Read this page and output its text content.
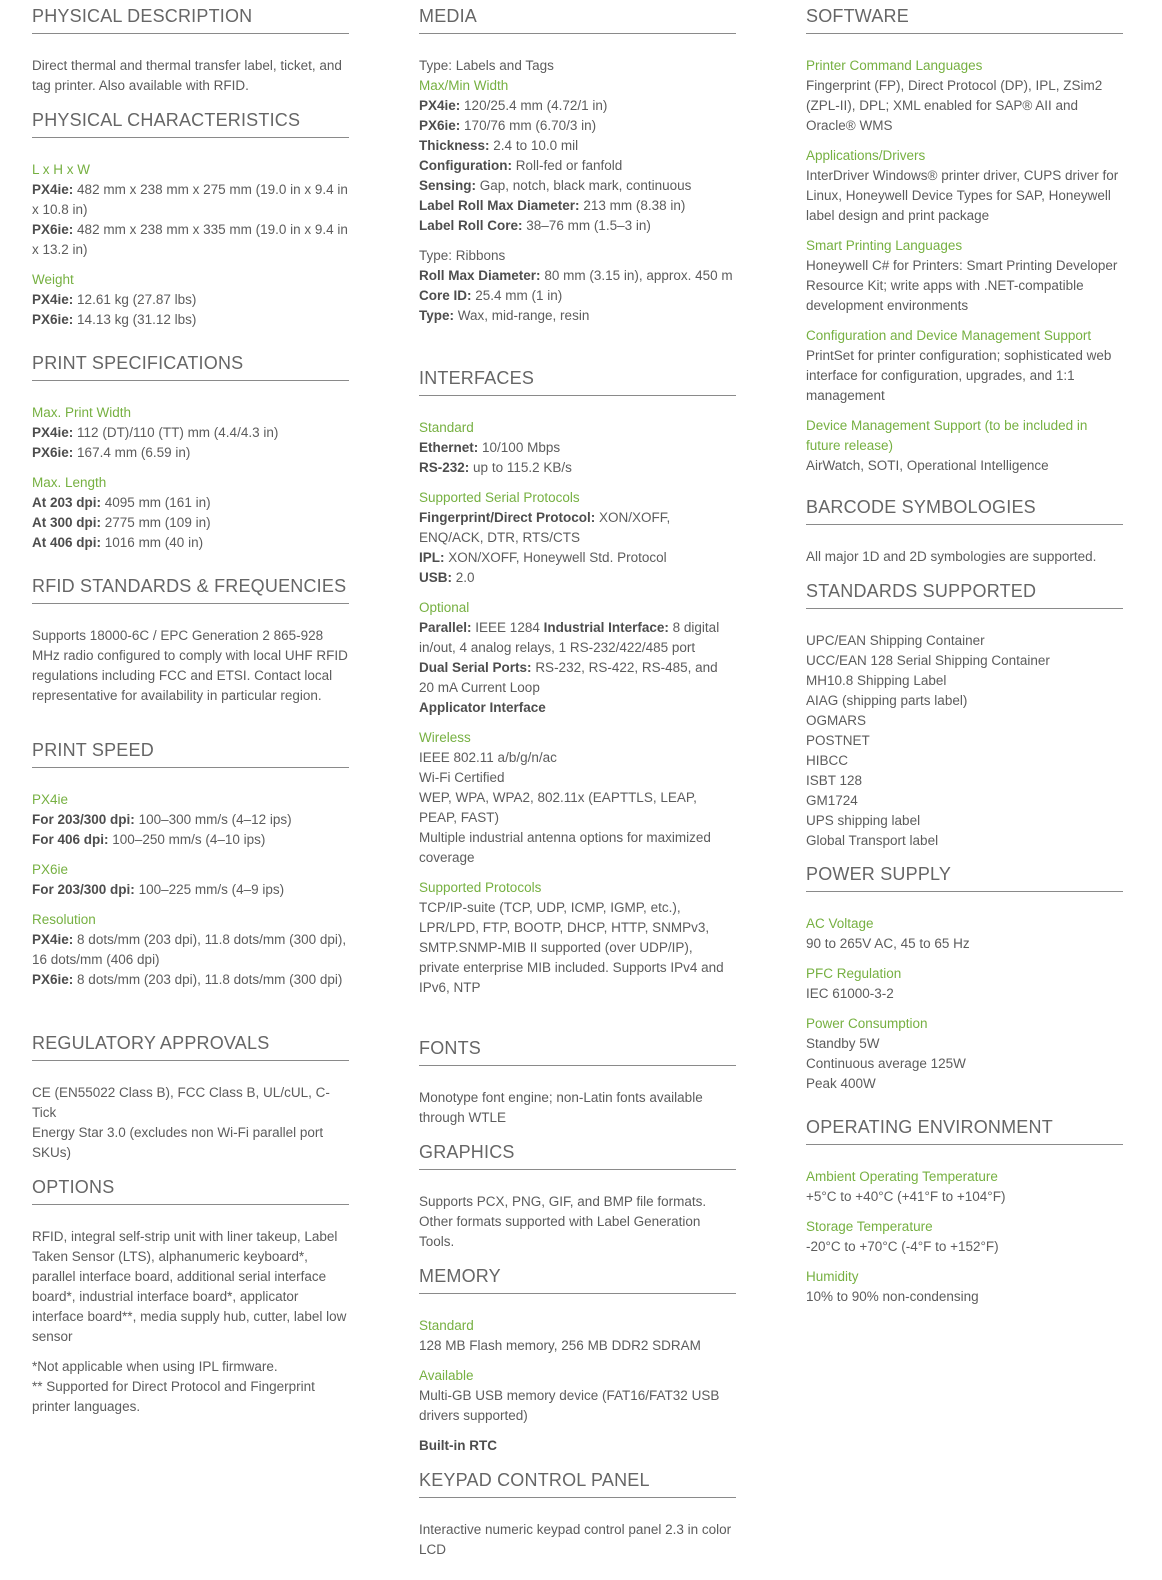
PHYSICAL DESCRIPTION
Direct thermal and thermal transfer label, ticket, and tag printer. Also available with RFID.
PHYSICAL CHARACTERISTICS
L x H x W
PX4ie: 482 mm x 238 mm x 275 mm (19.0 in x 9.4 in x 10.8 in)
PX6ie: 482 mm x 238 mm x 335 mm (19.0 in x 9.4 in x 13.2 in)
Weight
PX4ie: 12.61 kg (27.87 lbs)
PX6ie: 14.13 kg (31.12 lbs)
PRINT SPECIFICATIONS
Max. Print Width
PX4ie: 112 (DT)/110 (TT) mm (4.4/4.3 in)
PX6ie: 167.4 mm (6.59 in)
Max. Length
At 203 dpi: 4095 mm (161 in)
At 300 dpi: 2775 mm (109 in)
At 406 dpi: 1016 mm (40 in)
RFID STANDARDS & FREQUENCIES
Supports 18000-6C / EPC Generation 2 865-928 MHz radio configured to comply with local UHF RFID regulations including FCC and ETSI. Contact local representative for availability in particular region.
PRINT SPEED
PX4ie
For 203/300 dpi: 100–300 mm/s (4–12 ips)
For 406 dpi: 100–250 mm/s (4–10 ips)
PX6ie
For 203/300 dpi: 100–225 mm/s (4–9 ips)
Resolution
PX4ie: 8 dots/mm (203 dpi), 11.8 dots/mm (300 dpi), 16 dots/mm (406 dpi)
PX6ie: 8 dots/mm (203 dpi), 11.8 dots/mm (300 dpi)
REGULATORY APPROVALS
CE (EN55022 Class B), FCC Class B, UL/cUL, C-Tick
Energy Star 3.0 (excludes non Wi-Fi parallel port SKUs)
OPTIONS
RFID, integral self-strip unit with liner takeup, Label Taken Sensor (LTS), alphanumeric keyboard*, parallel interface board, additional serial interface board*, industrial interface board*, applicator interface board**, media supply hub, cutter, label low sensor
*Not applicable when using IPL firmware.
** Supported for Direct Protocol and Fingerprint printer languages.
MEDIA
Type: Labels and Tags
Max/Min Width
PX4ie: 120/25.4 mm (4.72/1 in)
PX6ie: 170/76 mm (6.70/3 in)
Thickness: 2.4 to 10.0 mil
Configuration: Roll-fed or fanfold
Sensing: Gap, notch, black mark, continuous
Label Roll Max Diameter: 213 mm (8.38 in)
Label Roll Core: 38–76 mm (1.5–3 in)
Type: Ribbons
Roll Max Diameter: 80 mm (3.15 in), approx. 450 m
Core ID: 25.4 mm (1 in)
Type: Wax, mid-range, resin
INTERFACES
Standard
Ethernet: 10/100 Mbps
RS-232: up to 115.2 KB/s
Supported Serial Protocols
Fingerprint/Direct Protocol: XON/XOFF, ENQ/ACK, DTR, RTS/CTS
IPL: XON/XOFF, Honeywell Std. Protocol
USB: 2.0
Optional
Parallel: IEEE 1284 Industrial Interface: 8 digital in/out, 4 analog relays, 1 RS-232/422/485 port
Dual Serial Ports: RS-232, RS-422, RS-485, and 20 mA Current Loop
Applicator Interface
Wireless
IEEE 802.11 a/b/g/n/ac
Wi-Fi Certified
WEP, WPA, WPA2, 802.11x (EAPTTLS, LEAP, PEAP, FAST)
Multiple industrial antenna options for maximized coverage
Supported Protocols
TCP/IP-suite (TCP, UDP, ICMP, IGMP, etc.), LPR/LPD, FTP, BOOTP, DHCP, HTTP, SNMPv3, SMTP.SNMP-MIB II supported (over UDP/IP), private enterprise MIB included. Supports IPv4 and IPv6, NTP
FONTS
Monotype font engine; non-Latin fonts available through WTLE
GRAPHICS
Supports PCX, PNG, GIF, and BMP file formats. Other formats supported with Label Generation Tools.
MEMORY
Standard
128 MB Flash memory, 256 MB DDR2 SDRAM
Available
Multi-GB USB memory device (FAT16/FAT32 USB drivers supported)
Built-in RTC
KEYPAD CONTROL PANEL
Interactive numeric keypad control panel 2.3 in color LCD
SOFTWARE
Printer Command Languages
Fingerprint (FP), Direct Protocol (DP), IPL, ZSim2 (ZPL-II), DPL; XML enabled for SAP® AII and Oracle® WMS
Applications/Drivers
InterDriver Windows® printer driver, CUPS driver for Linux, Honeywell Device Types for SAP, Honeywell label design and print package
Smart Printing Languages
Honeywell C# for Printers: Smart Printing Developer Resource Kit; write apps with .NET-compatible development environments
Configuration and Device Management Support
PrintSet for printer configuration; sophisticated web interface for configuration, upgrades, and 1:1 management
Device Management Support (to be included in future release)
AirWatch, SOTI, Operational Intelligence
BARCODE SYMBOLOGIES
All major 1D and 2D symbologies are supported.
STANDARDS SUPPORTED
UPC/EAN Shipping Container
UCC/EAN 128 Serial Shipping Container
MH10.8 Shipping Label
AIAG (shipping parts label)
OGMARS
POSTNET
HIBCC
ISBT 128
GM1724
UPS shipping label
Global Transport label
POWER SUPPLY
AC Voltage
90 to 265V AC, 45 to 65 Hz
PFC Regulation
IEC 61000-3-2
Power Consumption
Standby 5W
Continuous average 125W
Peak 400W
OPERATING ENVIRONMENT
Ambient Operating Temperature
+5°C to +40°C (+41°F to +104°F)
Storage Temperature
-20°C to +70°C (-4°F to +152°F)
Humidity
10% to 90% non-condensing
